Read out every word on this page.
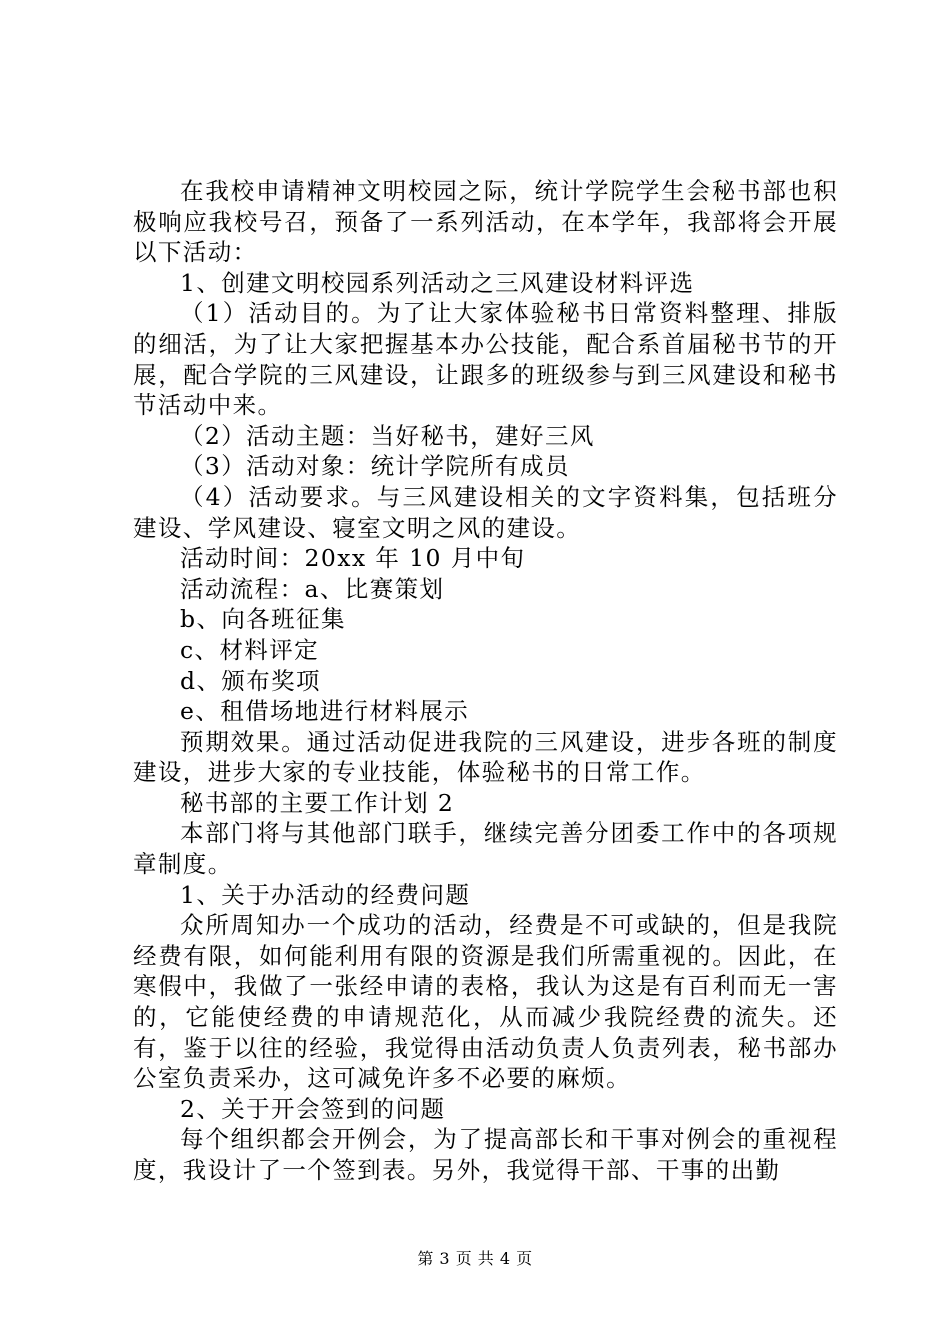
在我校申请精神文明校园之际，统计学院学生会秘书部也积极响应我校号召，预备了一系列活动，在本学年，我部将会开展以下活动：

1、创建文明校园系列活动之三风建设材料评选

（1）活动目的。为了让大家体验秘书日常资料整理、排版的细活，为了让大家把握基本办公技能，配合系首届秘书节的开展，配合学院的三风建设，让跟多的班级参与到三风建设和秘书节活动中来。

（2）活动主题：当好秘书，建好三风

（3）活动对象：统计学院所有成员

（4）活动要求。与三风建设相关的文字资料集，包括班分建设、学风建设、寝室文明之风的建设。

活动时间：20xx 年 10 月中旬

活动流程：a、比赛策划

b、向各班征集

c、材料评定

d、颁布奖项

e、租借场地进行材料展示

预期效果。通过活动促进我院的三风建设，进步各班的制度建设，进步大家的专业技能，体验秘书的日常工作。

秘书部的主要工作计划 2

本部门将与其他部门联手，继续完善分团委工作中的各项规章制度。

1、关于办活动的经费问题

众所周知办一个成功的活动，经费是不可或缺的，但是我院经费有限，如何能利用有限的资源是我们所需重视的。因此，在寒假中，我做了一张经申请的表格，我认为这是有百利而无一害的，它能使经费的申请规范化，从而减少我院经费的流失。还有，鉴于以往的经验，我觉得由活动负责人负责列表，秘书部办公室负责采办，这可减免许多不必要的麻烦。

2、关于开会签到的问题

每个组织都会开例会，为了提高部长和干事对例会的重视程度，我设计了一个签到表。另外，我觉得干部、干事的出勤

第 3 页 共 4 页
